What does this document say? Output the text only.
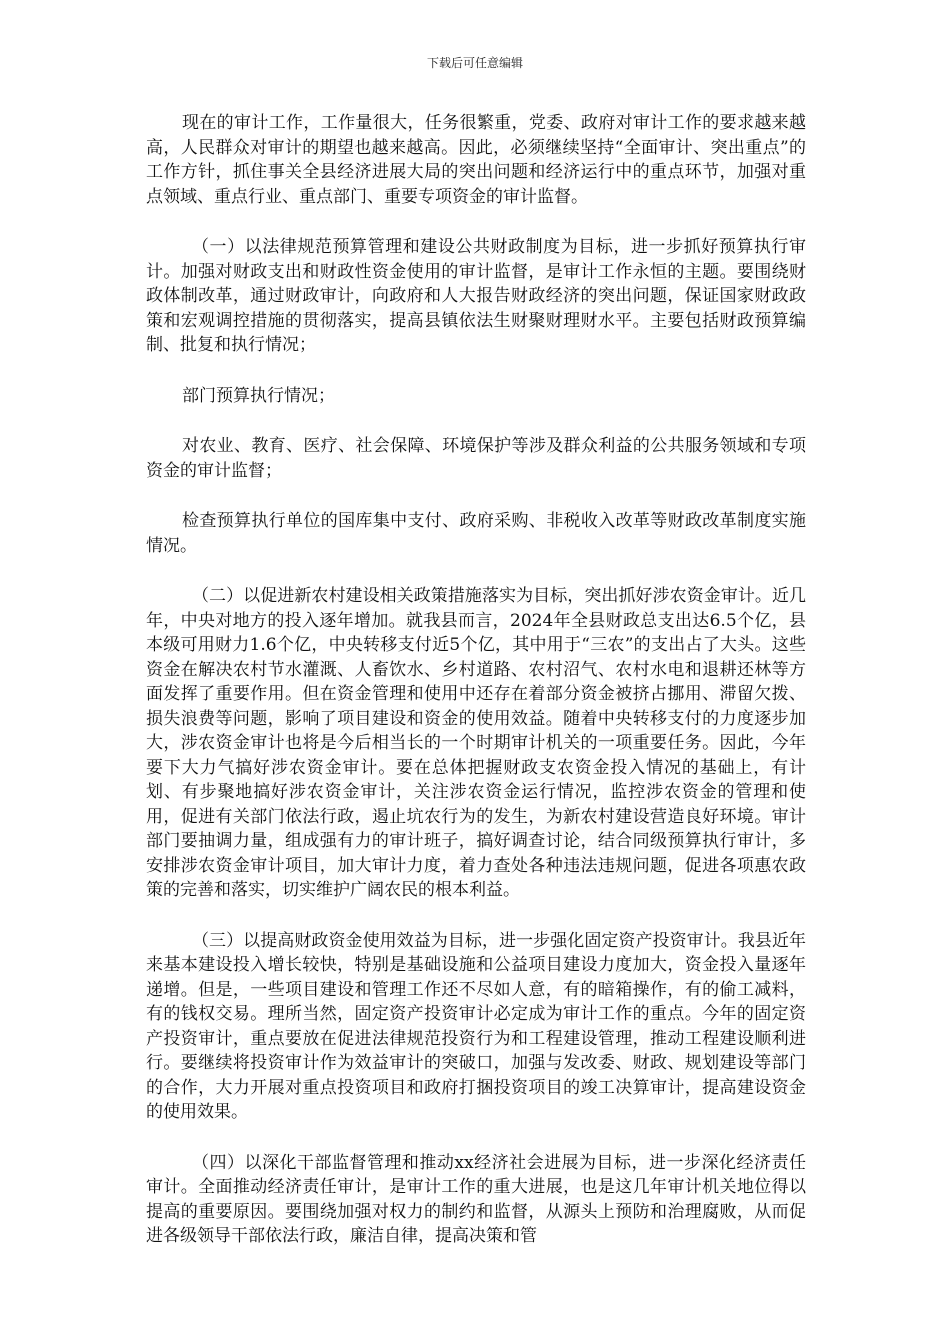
下载后可任意编辑

现在的审计工作，工作量很大，任务很繁重，党委、政府对审计工作的要求越来越高，人民群众对审计的期望也越来越高。因此，必须继续坚持“全面审计、突出重点”的工作方针，抓住事关全县经济进展大局的突出问题和经济运行中的重点环节，加强对重点领域、重点行业、重点部门、重要专项资金的审计监督。

（一）以法律规范预算管理和建设公共财政制度为目标，进一步抓好预算执行审计。加强对财政支出和财政性资金使用的审计监督，是审计工作永恒的主题。要围绕财政体制改革，通过财政审计，向政府和人大报告财政经济的突出问题，保证国家财政政策和宏观调控措施的贯彻落实，提高县镇依法生财聚财理财水平。主要包括财政预算编制、批复和执行情况；

部门预算执行情况；

对农业、教育、医疗、社会保障、环境保护等涉及群众利益的公共服务领域和专项资金的审计监督；

检查预算执行单位的国库集中支付、政府采购、非税收入改革等财政改革制度实施情况。

（二）以促进新农村建设相关政策措施落实为目标，突出抓好涉农资金审计。近几年，中央对地方的投入逐年增加。就我县而言，2024年全县财政总支出达6.5个亿，县本级可用财力1.6个亿，中央转移支付近5个亿，其中用于“三农”的支出占了大头。这些资金在解决农村节水灌溉、人畜饮水、乡村道路、农村沼气、农村水电和退耕还林等方面发挥了重要作用。但在资金管理和使用中还存在着部分资金被挤占挪用、滞留欠拨、损失浪费等问题，影响了项目建设和资金的使用效益。随着中央转移支付的力度逐步加大，涉农资金审计也将是今后相当长的一个时期审计机关的一项重要任务。因此，今年要下大力气搞好涉农资金审计。要在总体把握财政支农资金投入情况的基础上，有计划、有步聚地搞好涉农资金审计，关注涉农资金运行情况，监控涉农资金的管理和使用，促进有关部门依法行政，遏止坑农行为的发生，为新农村建设营造良好环境。审计部门要抽调力量，组成强有力的审计班子，搞好调查讨论，结合同级预算执行审计，多安排涉农资金审计项目，加大审计力度，着力查处各种违法违规问题，促进各项惠农政策的完善和落实，切实维护广阔农民的根本利益。

（三）以提高财政资金使用效益为目标，进一步强化固定资产投资审计。我县近年来基本建设投入增长较快，特别是基础设施和公益项目建设力度加大，资金投入量逐年递增。但是，一些项目建设和管理工作还不尽如人意，有的暗箱操作，有的偷工减料，有的钱权交易。理所当然，固定资产投资审计必定成为审计工作的重点。今年的固定资产投资审计，重点要放在促进法律规范投资行为和工程建设管理，推动工程建设顺利进行。要继续将投资审计作为效益审计的突破口，加强与发改委、财政、规划建设等部门的合作，大力开展对重点投资项目和政府打捆投资项目的竣工决算审计，提高建设资金的使用效果。

（四）以深化干部监督管理和推动xx经济社会进展为目标，进一步深化经济责任审计。全面推动经济责任审计，是审计工作的重大进展，也是这几年审计机关地位得以提高的重要原因。要围绕加强对权力的制约和监督，从源头上预防和治理腐败，从而促进各级领导干部依法行政，廉洁自律，提高决策和管
